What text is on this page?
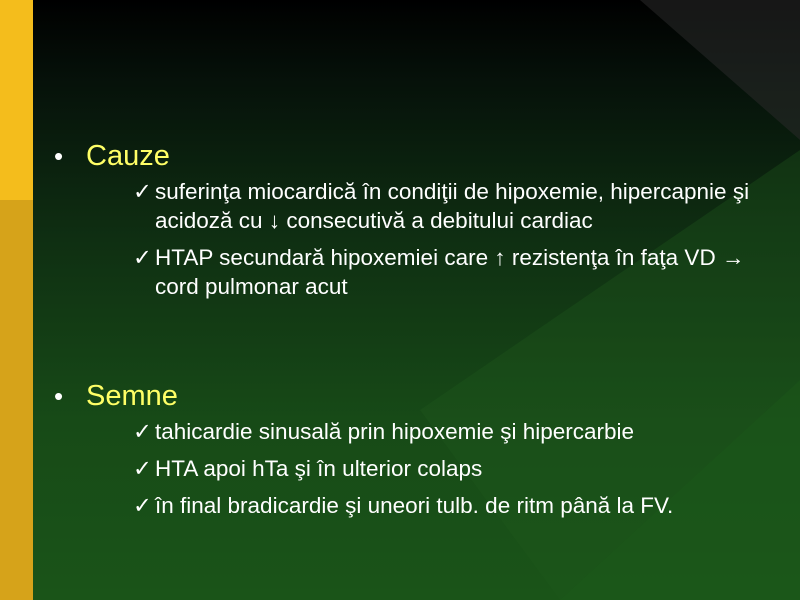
• Cauze
✓ suferinţa miocardică în condiţii de hipoxemie, hipercapnie şi acidoză cu ↓ consecutivă a debitului cardiac
✓ HTAP secundară hipoxemiei care ↑ rezistenţa în faţa VD → cord pulmonar acut
• Semne
✓ tahicardie sinusală prin hipoxemie şi hipercarbie
✓ HTA apoi hTa şi în ulterior colaps
✓ în final bradicardie şi uneori tulb. de ritm până la FV.
